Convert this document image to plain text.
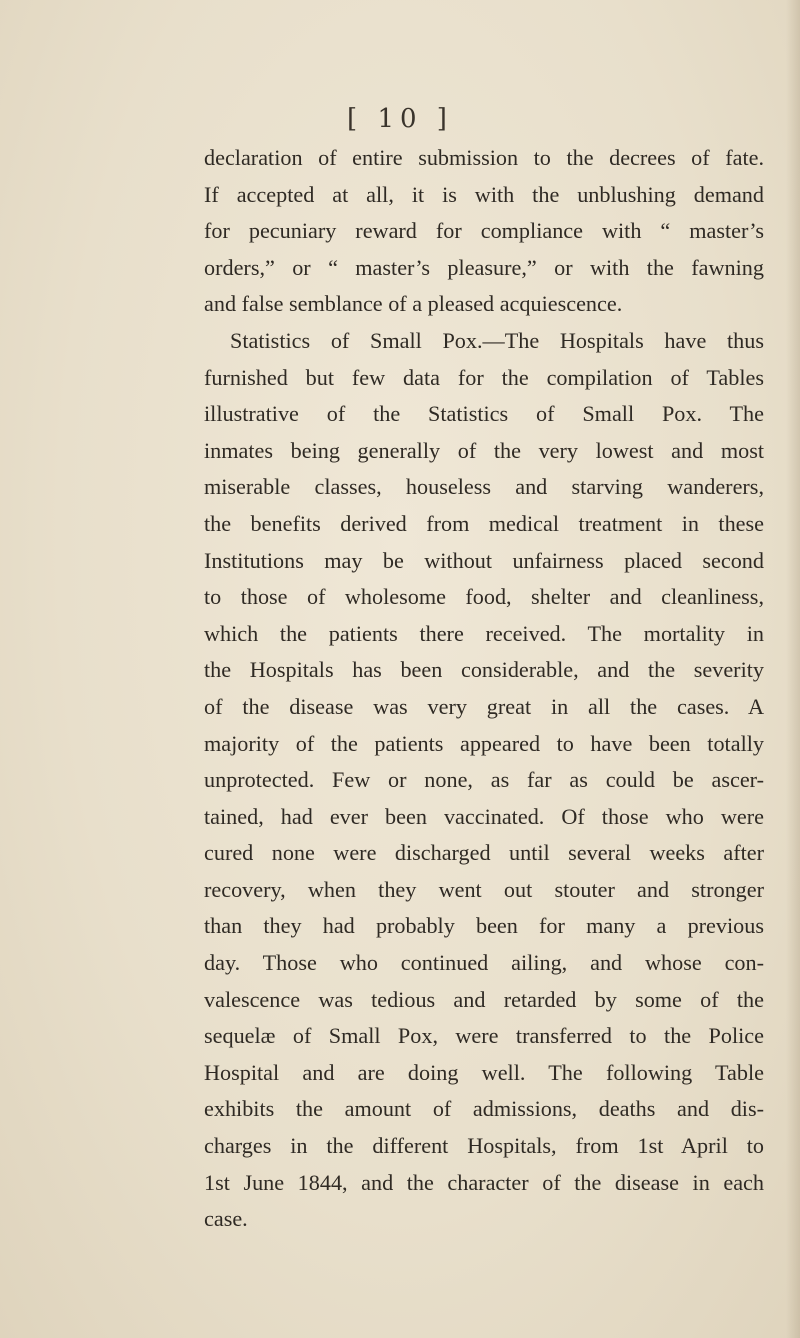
[ 10 ]
declaration of entire submission to the decrees of fate.
If accepted at all, it is with the unblushing demand
for pecuniary reward for compliance with “ master’s
orders,” or “ master’s pleasure,” or with the fawning
and false semblance of a pleased acquiescence.
Statistics of Small Pox.—The Hospitals have thus
furnished but few data for the compilation of Tables
illustrative of the Statistics of Small Pox. The
inmates being generally of the very lowest and most
miserable classes, houseless and starving wanderers,
the benefits derived from medical treatment in these
Institutions may be without unfairness placed second
to those of wholesome food, shelter and cleanliness,
which the patients there received. The mortality in
the Hospitals has been considerable, and the severity
of the disease was very great in all the cases. A
majority of the patients appeared to have been totally
unprotected. Few or none, as far as could be ascer-
tained, had ever been vaccinated. Of those who were
cured none were discharged until several weeks after
recovery, when they went out stouter and stronger
than they had probably been for many a previous
day. Those who continued ailing, and whose con-
valescence was tedious and retarded by some of the
sequelæ of Small Pox, were transferred to the Police
Hospital and are doing well. The following Table
exhibits the amount of admissions, deaths and dis-
charges in the different Hospitals, from 1st April to
1st June 1844, and the character of the disease in each
case.
